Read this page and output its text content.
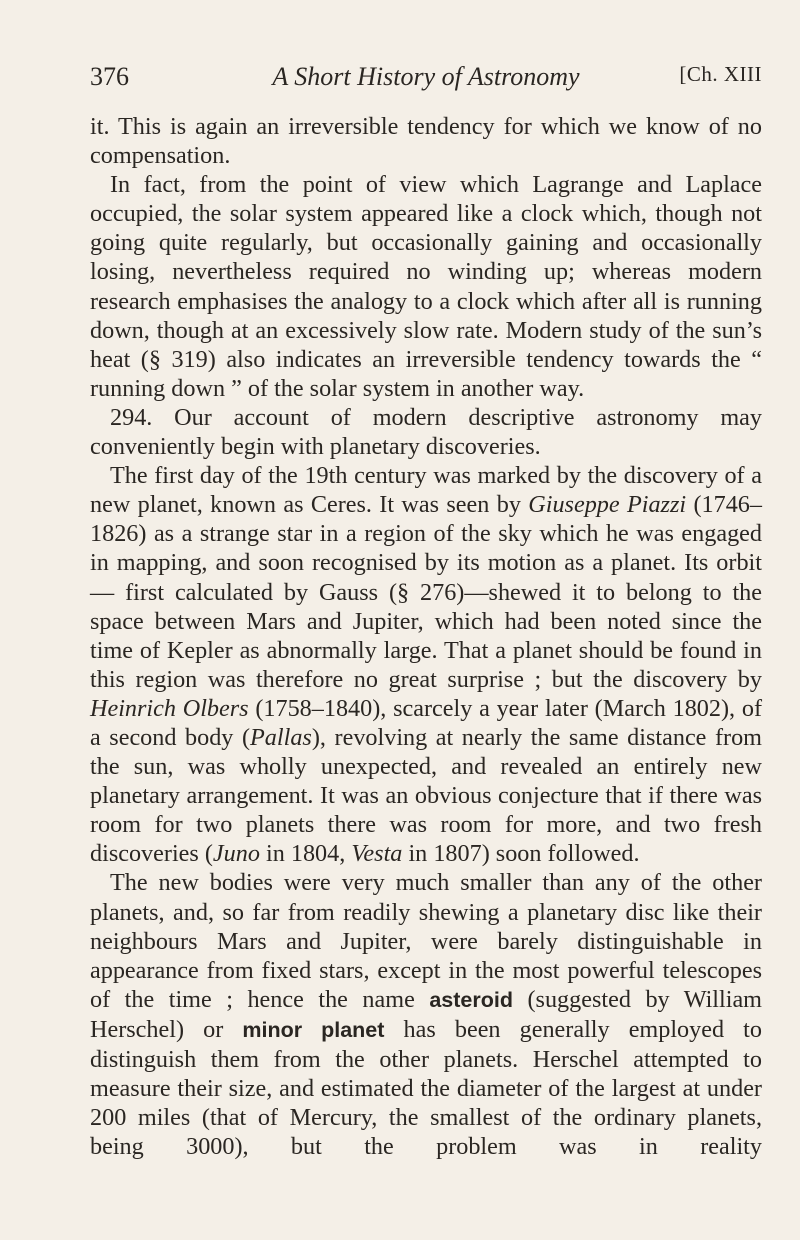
376	A Short History of Astronomy	[Ch. XIII

it. This is again an irreversible tendency for which we know of no compensation.

In fact, from the point of view which Lagrange and Laplace occupied, the solar system appeared like a clock which, though not going quite regularly, but occasionally gaining and occasionally losing, nevertheless required no winding up; whereas modern research emphasises the analogy to a clock which after all is running down, though at an excessively slow rate. Modern study of the sun’s heat (§ 319) also indicates an irreversible tendency towards the “ running down ” of the solar system in another way.

294. Our account of modern descriptive astronomy may conveniently begin with planetary discoveries.

The first day of the 19th century was marked by the discovery of a new planet, known as Ceres. It was seen by Giuseppe Piazzi (1746–1826) as a strange star in a region of the sky which he was engaged in mapping, and soon recognised by its motion as a planet. Its orbit— first calculated by Gauss (§ 276)—shewed it to belong to the space between Mars and Jupiter, which had been noted since the time of Kepler as abnormally large. That a planet should be found in this region was therefore no great surprise ; but the discovery by Heinrich Olbers (1758–1840), scarcely a year later (March 1802), of a second body (Pallas), revolving at nearly the same distance from the sun, was wholly unexpected, and revealed an entirely new planetary arrangement. It was an obvious conjecture that if there was room for two planets there was room for more, and two fresh discoveries (Juno in 1804, Vesta in 1807) soon followed.

The new bodies were very much smaller than any of the other planets, and, so far from readily shewing a planetary disc like their neighbours Mars and Jupiter, were barely distinguishable in appearance from fixed stars, except in the most powerful telescopes of the time ; hence the name asteroid (suggested by William Herschel) or minor planet has been generally employed to distinguish them from the other planets. Herschel attempted to measure their size, and estimated the diameter of the largest at under 200 miles (that of Mercury, the smallest of the ordinary planets, being 3000), but the problem was in reality
